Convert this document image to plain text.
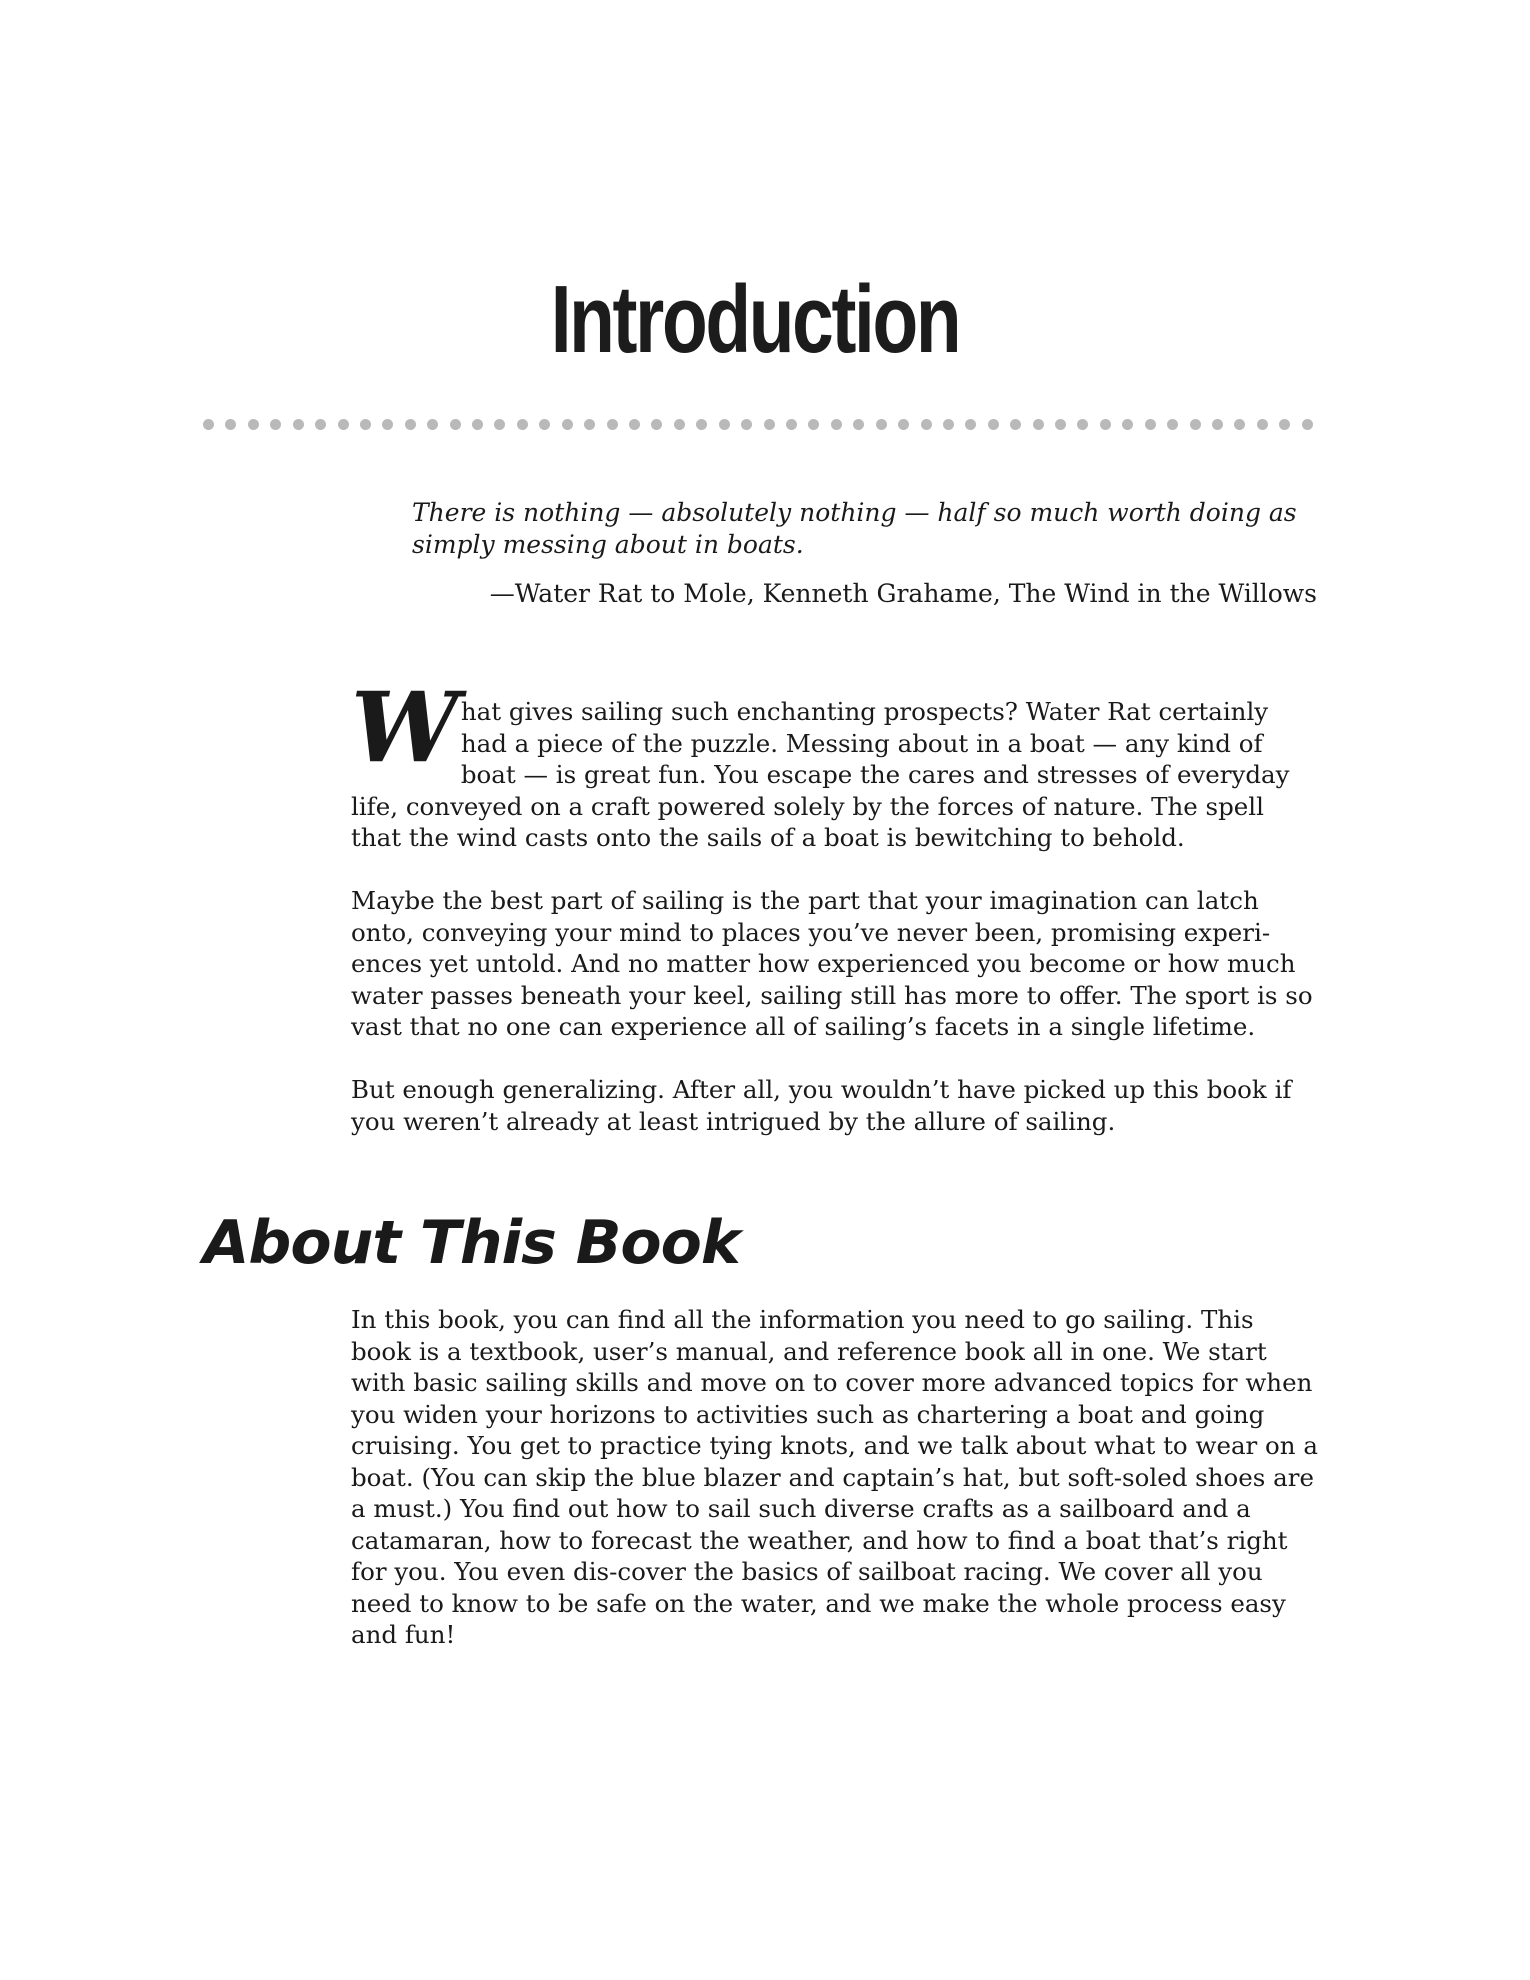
Introduction

There is nothing — absolutely nothing — half so much worth doing as simply messing about in boats.

—Water Rat to Mole, Kenneth Grahame, The Wind in the Willows

What gives sailing such enchanting prospects? Water Rat certainly had a piece of the puzzle. Messing about in a boat — any kind of boat — is great fun. You escape the cares and stresses of everyday life, conveyed on a craft powered solely by the forces of nature. The spell that the wind casts onto the sails of a boat is bewitching to behold.

Maybe the best part of sailing is the part that your imagination can latch onto, conveying your mind to places you’ve never been, promising experi-ences yet untold. And no matter how experienced you become or how much water passes beneath your keel, sailing still has more to offer. The sport is so vast that no one can experience all of sailing’s facets in a single lifetime.

But enough generalizing. After all, you wouldn’t have picked up this book if you weren’t already at least intrigued by the allure of sailing.

About This Book

In this book, you can find all the information you need to go sailing. This book is a textbook, user’s manual, and reference book all in one. We start with basic sailing skills and move on to cover more advanced topics for when you widen your horizons to activities such as chartering a boat and going cruising. You get to practice tying knots, and we talk about what to wear on a boat. (You can skip the blue blazer and captain’s hat, but soft-soled shoes are a must.) You find out how to sail such diverse crafts as a sailboard and a catamaran, how to forecast the weather, and how to find a boat that’s right for you. You even dis-cover the basics of sailboat racing. We cover all you need to know to be safe on the water, and we make the whole process easy and fun!
